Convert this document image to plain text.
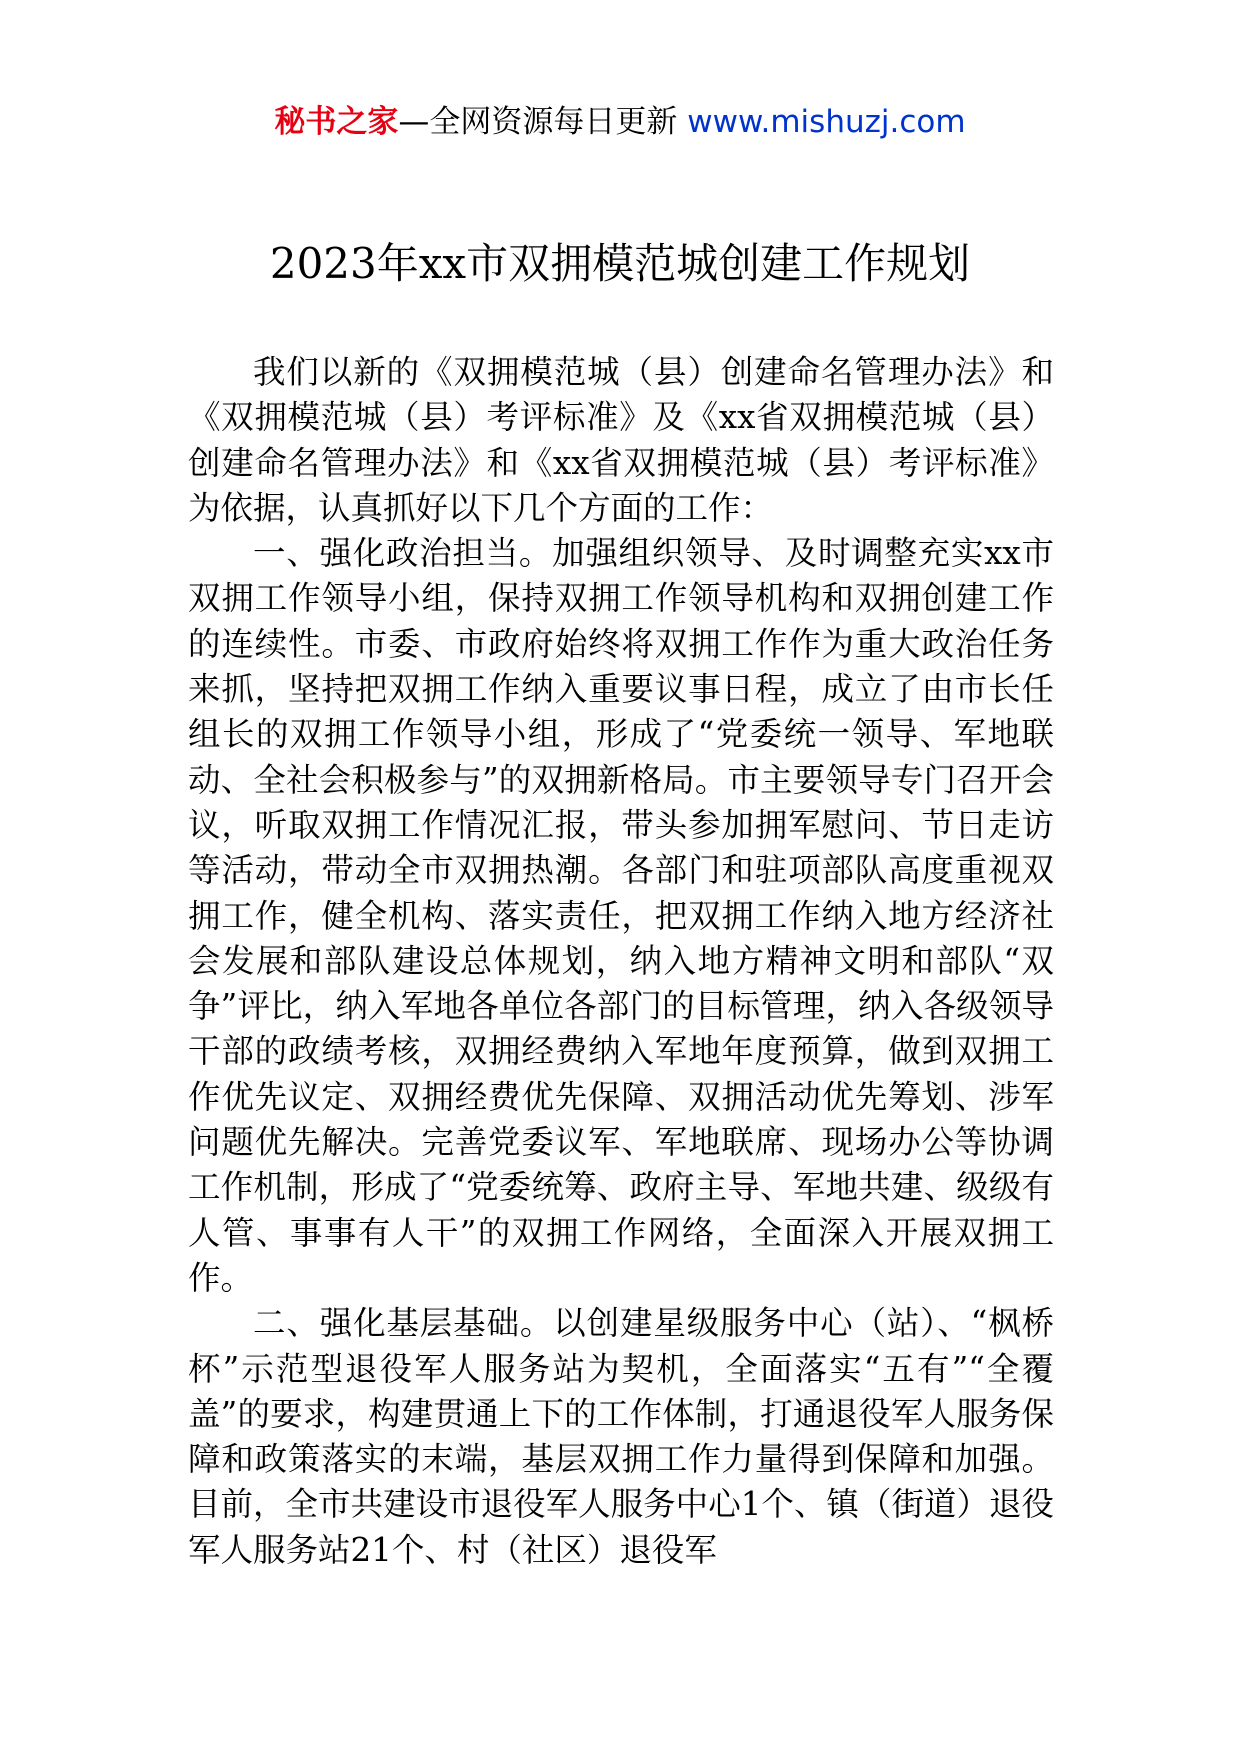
秘书之家—全网资源每日更新 www.mishuzj.com
2023年xx市双拥模范城创建工作规划

我们以新的《双拥模范城（县）创建命名管理办法》和《双拥模范城（县）考评标准》及《xx省双拥模范城（县）创建命名管理办法》和《xx省双拥模范城（县）考评标准》为依据，认真抓好以下几个方面的工作：

一、强化政治担当。加强组织领导、及时调整充实xx市双拥工作领导小组，保持双拥工作领导机构和双拥创建工作的连续性。市委、市政府始终将双拥工作作为重大政治任务来抓，坚持把双拥工作纳入重要议事日程，成立了由市长任组长的双拥工作领导小组，形成了“党委统一领导、军地联动、全社会积极参与”的双拥新格局。市主要领导专门召开会议，听取双拥工作情况汇报，带头参加拥军慰问、节日走访等活动，带动全市双拥热潮。各部门和驻项部队高度重视双拥工作，健全机构、落实责任，把双拥工作纳入地方经济社会发展和部队建设总体规划，纳入地方精神文明和部队“双争”评比，纳入军地各单位各部门的目标管理，纳入各级领导干部的政绩考核，双拥经费纳入军地年度预算，做到双拥工作优先议定、双拥经费优先保障、双拥活动优先筹划、涉军问题优先解决。完善党委议军、军地联席、现场办公等协调工作机制，形成了“党委统筹、政府主导、军地共建、级级有人管、事事有人干”的双拥工作网络，全面深入开展双拥工作。

二、强化基层基础。以创建星级服务中心（站）、“枫桥杯”示范型退役军人服务站为契机，全面落实“五有”“全覆盖”的要求，构建贯通上下的工作体制，打通退役军人服务保障和政策落实的末端，基层双拥工作力量得到保障和加强。目前，全市共建设市退役军人服务中心1个、镇（街道）退役军人服务站21个、村（社区）退役军
